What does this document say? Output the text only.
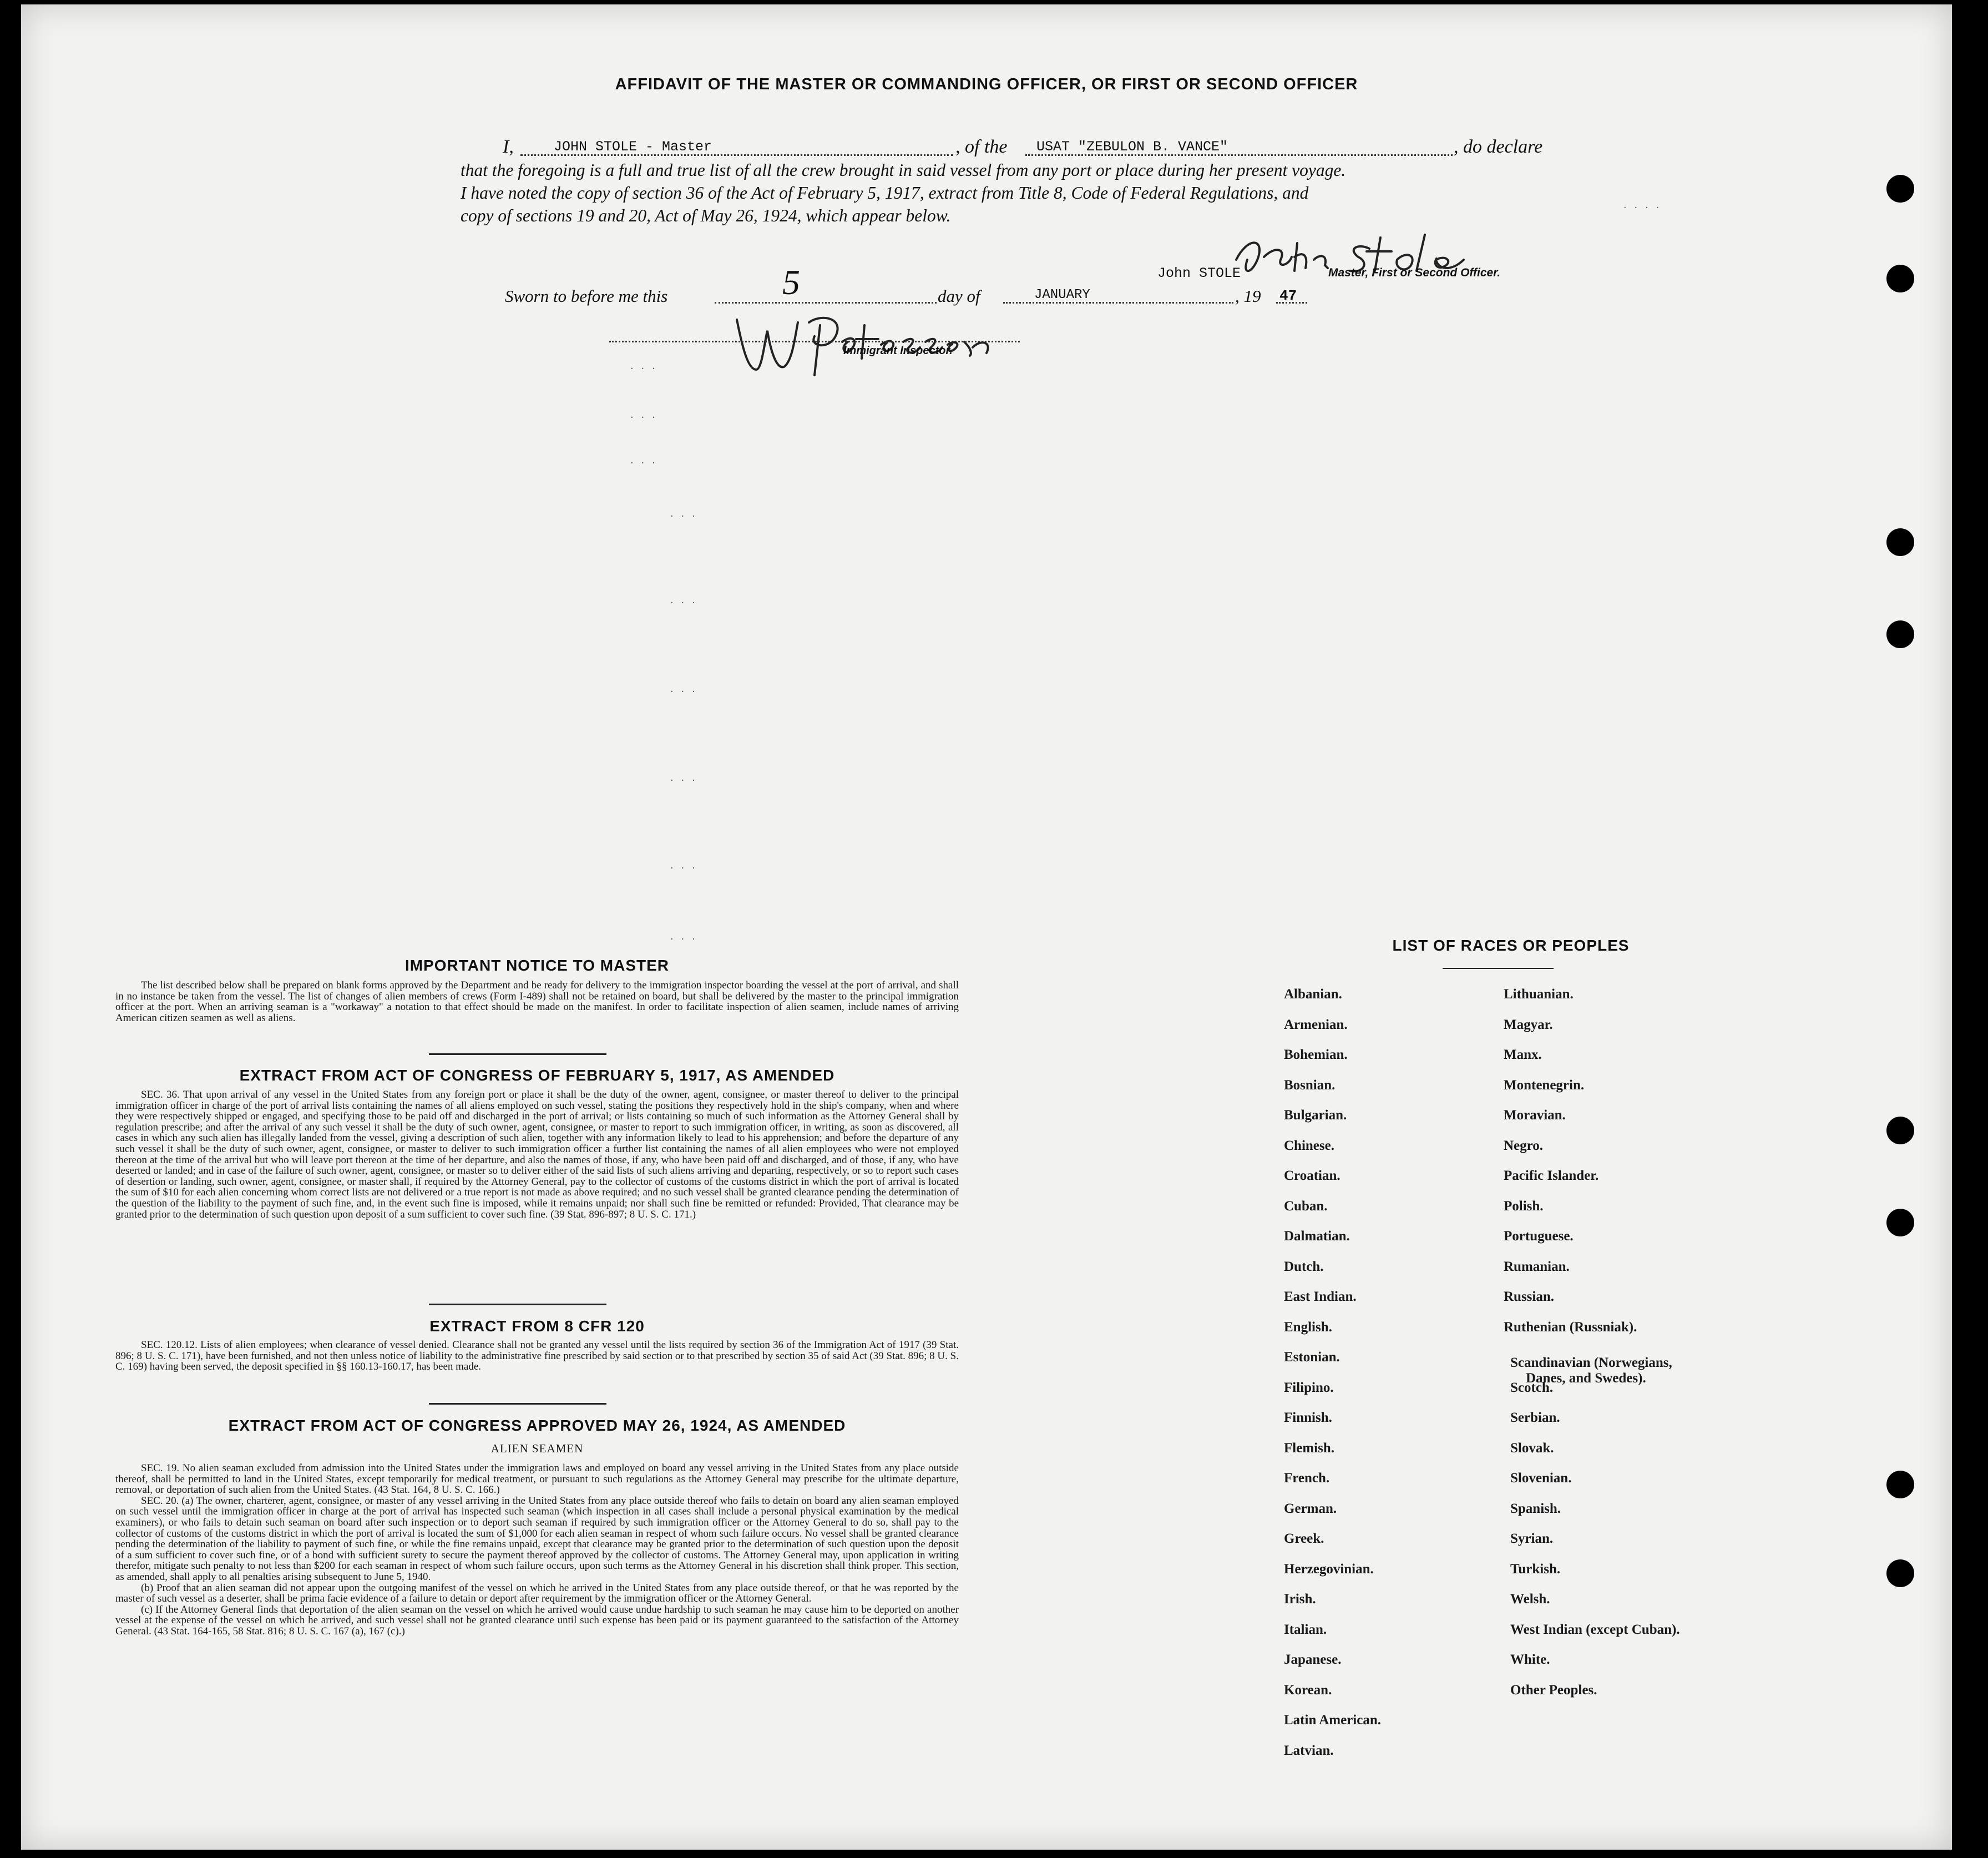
AFFIDAVIT OF THE MASTER OR COMMANDING OFFICER, OR FIRST OR SECOND OFFICER
I,	JOHN STOLE - Master	, of the USAT "ZEBULON B. VANCE"	, do declare
that the foregoing is a full and true list of all the crew brought in said vessel from any port or place during her present voyage.
I have noted the copy of section 36 of the Act of February 5, 1917, extract from Title 8, Code of Federal Regulations, and
copy of sections 19 and 20, Act of May 26, 1924, which appear below.
John STOLE	Master, First or Second Officer.
Sworn to before me this	5	day of	JANUARY	, 19 47
Immigrant Inspector.
IMPORTANT NOTICE TO MASTER

The list described below shall be prepared on blank forms approved by the Department and be ready for delivery to the immigration inspector boarding the vessel at the port of arrival, and shall in no instance be taken from the vessel. The list of changes of alien members of crews (Form I-489) shall not be retained on board, but shall be delivered by the master to the principal immigration officer at the port. When an arriving seaman is a "workaway" a notation to that effect should be made on the manifest. In order to facilitate inspection of alien seamen, include names of arriving American citizen seamen as well as aliens.

EXTRACT FROM ACT OF CONGRESS OF FEBRUARY 5, 1917, AS AMENDED

SEC. 36. That upon arrival of any vessel in the United States from any foreign port or place it shall be the duty of the owner, agent, consignee, or master thereof to deliver to the principal immigration officer in charge of the port of arrival lists containing the names of all aliens employed on such vessel, stating the positions they respectively hold in the ship's company, when and where they were respectively shipped or engaged, and specifying those to be paid off and discharged in the port of arrival; or lists containing so much of such information as the Attorney General shall by regulation prescribe; and after the arrival of any such vessel it shall be the duty of such owner, agent, consignee, or master to report to such immigration officer, in writing, as soon as discovered, all cases in which any such alien has illegally landed from the vessel, giving a description of such alien, together with any information likely to lead to his apprehension; and before the departure of any such vessel it shall be the duty of such owner, agent, consignee, or master to deliver to such immigration officer a further list containing the names of all alien employees who were not employed thereon at the time of the arrival but who will leave port thereon at the time of her departure, and also the names of those, if any, who have been paid off and discharged, and of those, if any, who have deserted or landed; and in case of the failure of such owner, agent, consignee, or master so to deliver either of the said lists of such aliens arriving and departing, respectively, or so to report such cases of desertion or landing, such owner, agent, consignee, or master shall, if required by the Attorney General, pay to the collector of customs of the customs district in which the port of arrival is located the sum of $10 for each alien concerning whom correct lists are not delivered or a true report is not made as above required; and no such vessel shall be granted clearance pending the determination of the question of the liability to the payment of such fine, and, in the event such fine is imposed, while it remains unpaid; nor shall such fine be remitted or refunded: Provided, That clearance may be granted prior to the determination of such question upon deposit of a sum sufficient to cover such fine. (39 Stat. 896-897; 8 U. S. C. 171.)

EXTRACT FROM 8 CFR 120

SEC. 120.12. Lists of alien employees; when clearance of vessel denied. Clearance shall not be granted any vessel until the lists required by section 36 of the Immigration Act of 1917 (39 Stat. 896; 8 U. S. C. 171), have been furnished, and not then unless notice of liability to the administrative fine prescribed by said section or to that prescribed by section 35 of said Act (39 Stat. 896; 8 U. S. C. 169) having been served, the deposit specified in §§ 160.13-160.17, has been made.

EXTRACT FROM ACT OF CONGRESS APPROVED MAY 26, 1924, AS AMENDED
ALIEN SEAMEN

SEC. 19. No alien seaman excluded from admission into the United States under the immigration laws and employed on board any vessel arriving in the United States from any place outside thereof, shall be permitted to land in the United States, except temporarily for medical treatment, or pursuant to such regulations as the Attorney General may prescribe for the ultimate departure, removal, or deportation of such alien from the United States. (43 Stat. 164, 8 U. S. C. 166.)

SEC. 20. (a) The owner, charterer, agent, consignee, or master of any vessel arriving in the United States from any place outside thereof who fails to detain on board any alien seaman employed on such vessel until the immigration officer in charge at the port of arrival has inspected such seaman (which inspection in all cases shall include a personal physical examination by the medical examiners), or who fails to detain such seaman on board after such inspection or to deport such seaman if required by such immigration officer or the Attorney General to do so, shall pay to the collector of customs of the customs district in which the port of arrival is located the sum of $1,000 for each alien seaman in respect of whom such failure occurs. No vessel shall be granted clearance pending the determination of the liability to payment of such fine, or while the fine remains unpaid, except that clearance may be granted prior to the determination of such question upon the deposit of a sum sufficient to cover such fine, or of a bond with sufficient surety to secure the payment thereof approved by the collector of customs. The Attorney General may, upon application in writing therefor, mitigate such penalty to not less than $200 for each seaman in respect of whom such failure occurs, upon such terms as the Attorney General in his discretion shall think proper. This section, as amended, shall apply to all penalties arising subsequent to June 5, 1940.

(b) Proof that an alien seaman did not appear upon the outgoing manifest of the vessel on which he arrived in the United States from any place outside thereof, or that he was reported by the master of such vessel as a deserter, shall be prima facie evidence of a failure to detain or deport after requirement by the immigration officer or the Attorney General.

(c) If the Attorney General finds that deportation of the alien seaman on the vessel on which he arrived would cause undue hardship to such seaman he may cause him to be deported on another vessel at the expense of the vessel on which he arrived, and such vessel shall not be granted clearance until such expense has been paid or its payment guaranteed to the satisfaction of the Attorney General. (43 Stat. 164-165, 58 Stat. 816; 8 U. S. C. 167 (a), 167 (c).)

LIST OF RACES OR PEOPLES
...
...
...
...
...
...
...
...
...
....
Albanian.
Armenian.
Bohemian.
Bosnian.
Bulgarian.
Chinese.
Croatian.
Cuban.
Dalmatian.
Dutch.
East Indian.
English.
Estonian.
Filipino.
Finnish.
Flemish.
French.
German.
Greek.
Herzegovinian.
Irish.
Italian.
Japanese.
Korean.
Latin American.
Latvian.
Lithuanian.
Magyar.
Manx.
Montenegrin.
Moravian.
Negro.
Pacific Islander.
Polish.
Portuguese.
Rumanian.
Russian.
Ruthenian (Russniak).
Scandinavian (Norwegians,
Danes, and Swedes).
Scotch.
Serbian.
Slovak.
Slovenian.
Spanish.
Syrian.
Turkish.
Welsh.
West Indian (except Cuban).
White.
Other Peoples.
